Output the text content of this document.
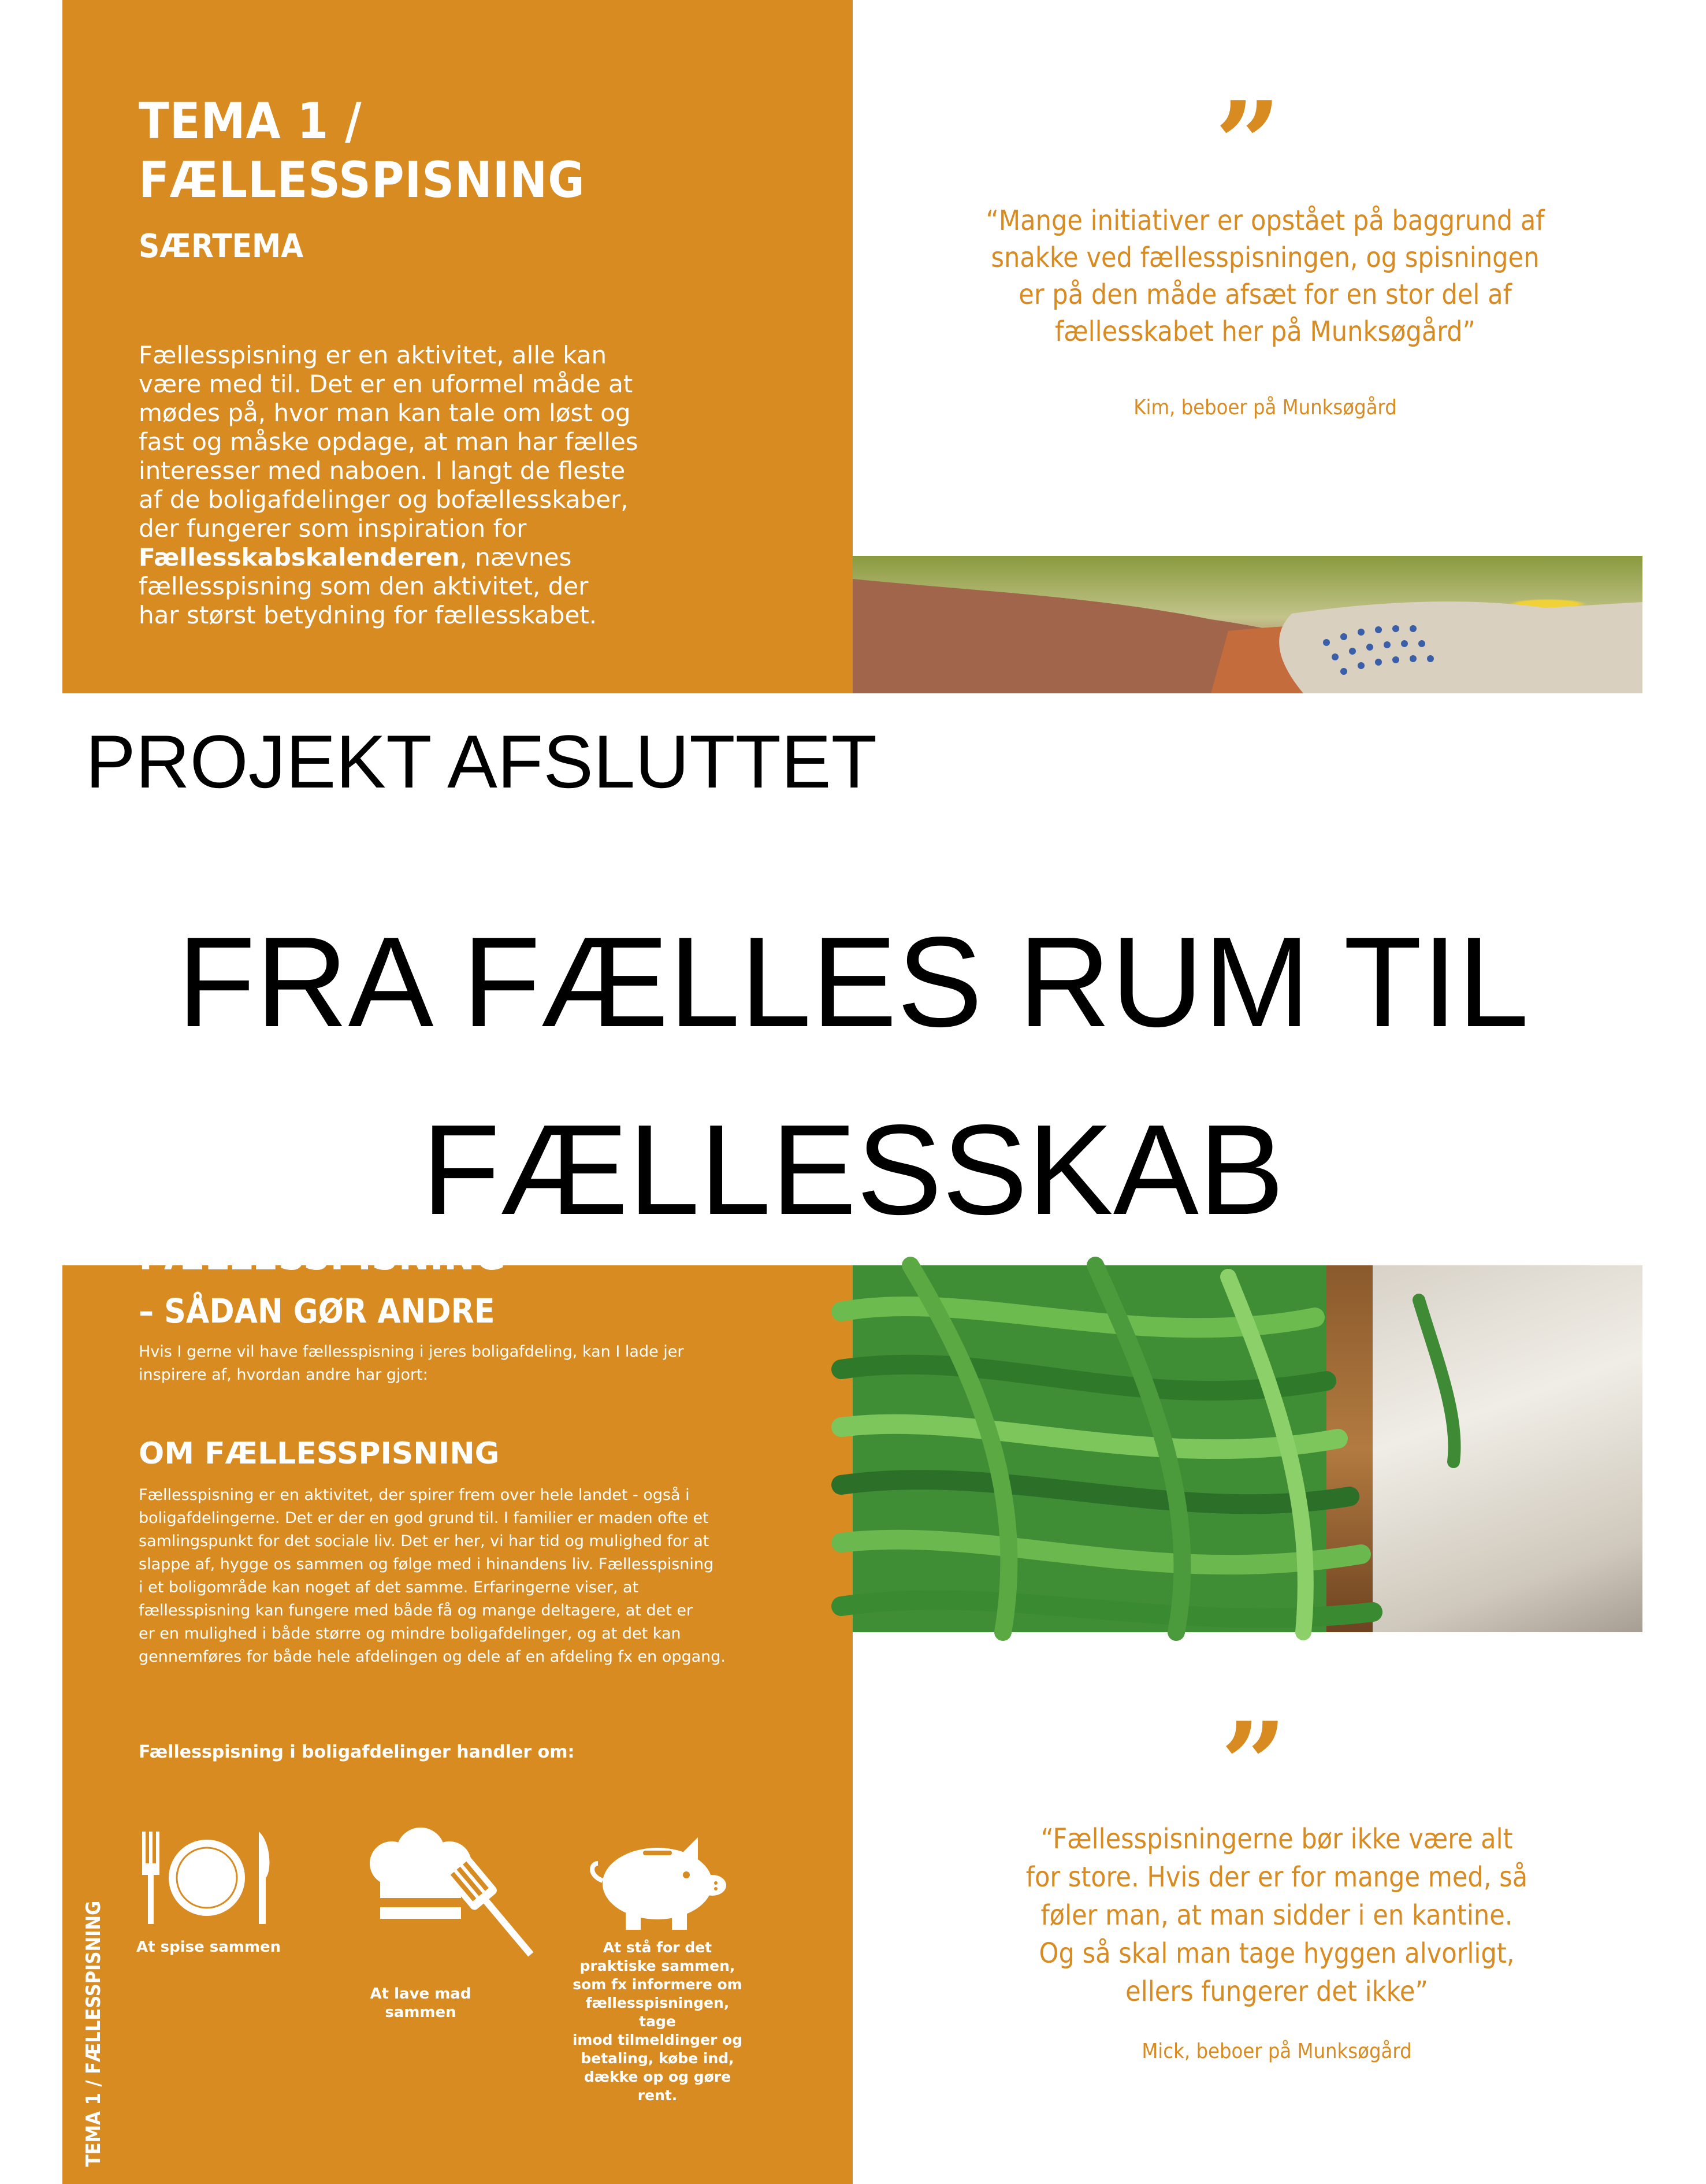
TEMA 1 /
FÆLLESSPISNING
SÆRTEMA
Fællesspisning er en aktivitet, alle kan
være med til. Det er en uformel måde at
mødes på, hvor man kan tale om løst og
fast og måske opdage, at man har fælles
interesser med naboen. I langt de fleste
af de boligafdelinger og bofællesskaber,
der fungerer som inspiration for
Fællesskabskalenderen, nævnes
fællesspisning som den aktivitet, der
har størst betydning for fællesskabet.
”
“Mange initiativer er opstået på baggrund af
snakke ved fællesspisningen, og spisningen
er på den måde afsæt for en stor del af
fællesskabet her på Munksøgård”
Kim, beboer på Munksøgård
PROJEKT AFSLUTTET
FRA FÆLLES RUM TIL
FÆLLESSKAB
FÆLLESSPISNING
– SÅDAN GØR ANDRE
Hvis I gerne vil have fællesspisning i jeres boligafdeling, kan I lade jer
inspirere af, hvordan andre har gjort:
OM FÆLLESSPISNING
Fællesspisning er en aktivitet, der spirer frem over hele landet - også i
boligafdelingerne. Det er der en god grund til. I familier er maden ofte et
samlingspunkt for det sociale liv. Det er her, vi har tid og mulighed for at
slappe af, hygge os sammen og følge med i hinandens liv. Fællesspisning
i et boligområde kan noget af det samme. Erfaringerne viser, at
fællesspisning kan fungere med både få og mange deltagere, at det er
er en mulighed i både større og mindre boligafdelinger, og at det kan
gennemføres for både hele afdelingen og dele af en afdeling fx en opgang.
Fællesspisning i boligafdelinger handler om:
At spise sammen
At lave mad
sammen
At stå for det
praktiske sammen,
som fx informere om
fællesspisningen, tage
imod tilmeldinger og
betaling, købe ind,
dække op og gøre rent.
TEMA 1 / FÆLLESSPISNING
”
“Fællesspisningerne bør ikke være alt
for store. Hvis der er for mange med, så
føler man, at man sidder i en kantine.
Og så skal man tage hyggen alvorligt,
ellers fungerer det ikke”
Mick, beboer på Munksøgård
